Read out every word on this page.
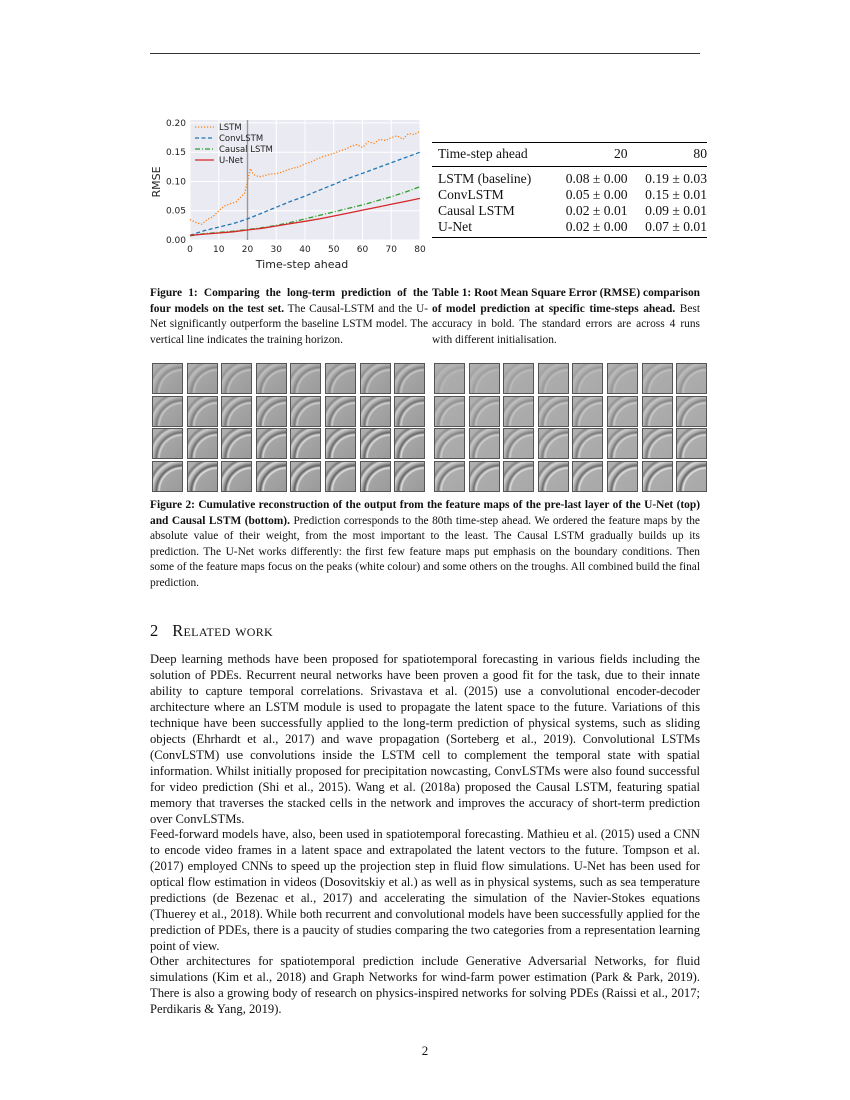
0 10 20 30 40 50 60 70 80
0.00
0.05
0.10
0.15
0.20
Time-step ahead
RMSE
LSTM
ConvLSTM
Causal LSTM
U-Net

Figure 1: Comparing the long-term prediction of the four models on the test set. The Causal-LSTM and the U-Net significantly outperform the baseline LSTM model. The vertical line indicates the training horizon.

Time-step ahead	20	80
LSTM (baseline)	0.08 ± 0.00	0.19 ± 0.03
ConvLSTM	0.05 ± 0.00	0.15 ± 0.01
Causal LSTM	0.02 ± 0.01	0.09 ± 0.01
U-Net	0.02 ± 0.00	0.07 ± 0.01

Table 1: Root Mean Square Error (RMSE) comparison of model prediction at specific time-steps ahead. Best accuracy in bold. The standard errors are across 4 runs with different initialisation.

Figure 2: Cumulative reconstruction of the output from the feature maps of the pre-last layer of the U-Net (top) and Causal LSTM (bottom). Prediction corresponds to the 80th time-step ahead. We ordered the feature maps by the absolute value of their weight, from the most important to the least. The Causal LSTM gradually builds up its prediction. The U-Net works differently: the first few feature maps put emphasis on the boundary conditions. Then some of the feature maps focus on the peaks (white colour) and some others on the troughs. All combined build the final prediction.

2 Related work

Deep learning methods have been proposed for spatiotemporal forecasting in various fields including the solution of PDEs. Recurrent neural networks have been proven a good fit for the task, due to their innate ability to capture temporal correlations. Srivastava et al. (2015) use a convolutional encoder-decoder architecture where an LSTM module is used to propagate the latent space to the future. Variations of this technique have been successfully applied to the long-term prediction of physical systems, such as sliding objects (Ehrhardt et al., 2017) and wave propagation (Sorteberg et al., 2019). Convolutional LSTMs (ConvLSTM) use convolutions inside the LSTM cell to complement the temporal state with spatial information. Whilst initially proposed for precipitation nowcasting, ConvLSTMs were also found successful for video prediction (Shi et al., 2015). Wang et al. (2018a) proposed the Causal LSTM, featuring spatial memory that traverses the stacked cells in the network and improves the accuracy of short-term prediction over ConvLSTMs.

Feed-forward models have, also, been used in spatiotemporal forecasting. Mathieu et al. (2015) used a CNN to encode video frames in a latent space and extrapolated the latent vectors to the future. Tompson et al. (2017) employed CNNs to speed up the projection step in fluid flow simulations. U-Net has been used for optical flow estimation in videos (Dosovitskiy et al.) as well as in physical systems, such as sea temperature predictions (de Bezenac et al., 2017) and accelerating the simulation of the Navier-Stokes equations (Thuerey et al., 2018). While both recurrent and convolutional models have been successfully applied for the prediction of PDEs, there is a paucity of studies comparing the two categories from a representation learning point of view.

Other architectures for spatiotemporal prediction include Generative Adversarial Networks, for fluid simulations (Kim et al., 2018) and Graph Networks for wind-farm power estimation (Park & Park, 2019). There is also a growing body of research on physics-inspired networks for solving PDEs (Raissi et al., 2017; Perdikaris & Yang, 2019).

2
